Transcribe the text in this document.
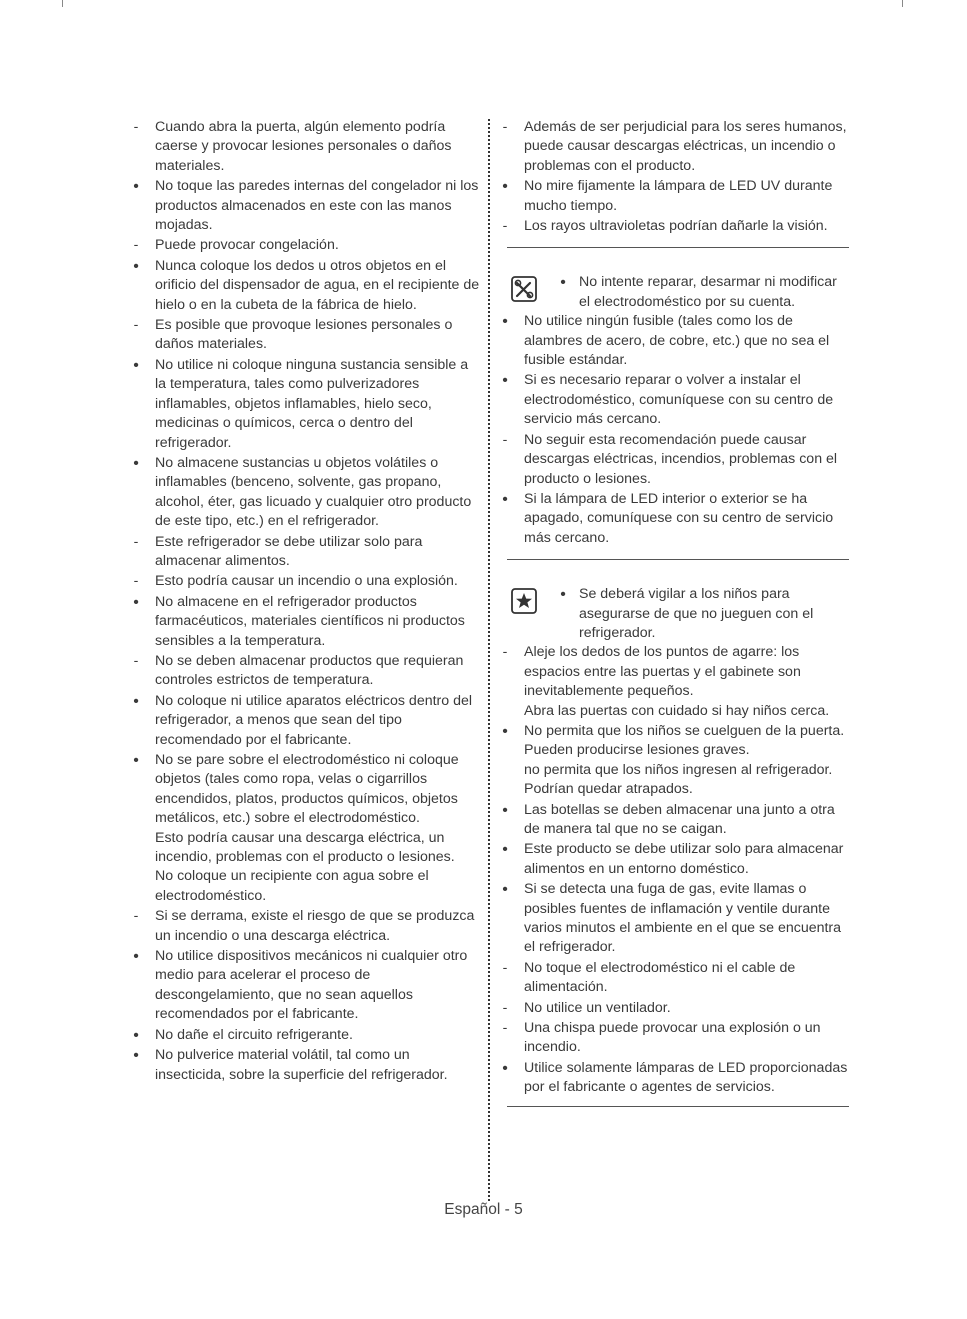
-	Cuando abra la puerta, algún elemento podría caerse y provocar lesiones personales o daños materiales.
•	No toque las paredes internas del congelador ni los productos almacenados en este con las manos mojadas.
-	Puede provocar congelación.
•	Nunca coloque los dedos u otros objetos en el orificio del dispensador de agua, en el recipiente de hielo o en la cubeta de la fábrica de hielo.
-	Es posible que provoque lesiones personales o daños materiales.
•	No utilice ni coloque ninguna sustancia sensible a la temperatura, tales como pulverizadores inflamables, objetos inflamables, hielo seco, medicinas o químicos, cerca o dentro del refrigerador.
•	No almacene sustancias u objetos volátiles o inflamables (benceno, solvente, gas propano, alcohol, éter, gas licuado y cualquier otro producto de este tipo, etc.) en el refrigerador.
-	Este refrigerador se debe utilizar solo para almacenar alimentos.
-	Esto podría causar un incendio o una explosión.
•	No almacene en el refrigerador productos farmacéuticos, materiales científicos ni productos sensibles a la temperatura.
-	No se deben almacenar productos que requieran controles estrictos de temperatura.
•	No coloque ni utilice aparatos eléctricos dentro del refrigerador, a menos que sean del tipo recomendado por el fabricante.
•	No se pare sobre el electrodoméstico ni coloque objetos (tales como ropa, velas o cigarrillos encendidos, platos, productos químicos, objetos metálicos, etc.) sobre el electrodoméstico.
Esto podría causar una descarga eléctrica, un incendio, problemas con el producto o lesiones.
No coloque un recipiente con agua sobre el electrodoméstico.
-	Si se derrama, existe el riesgo de que se produzca un incendio o una descarga eléctrica.
•	No utilice dispositivos mecánicos ni cualquier otro medio para acelerar el proceso de descongelamiento, que no sean aquellos recomendados por el fabricante.
•	No dañe el circuito refrigerante.
•	No pulverice material volátil, tal como un insecticida, sobre la superficie del refrigerador.
-	Además de ser perjudicial para los seres humanos, puede causar descargas eléctricas, un incendio o problemas con el producto.
•	No mire fijamente la lámpara de LED UV durante mucho tiempo.
-	Los rayos ultravioletas podrían dañarle la visión.
• No intente reparar, desarmar ni modificar el electrodoméstico por su cuenta.
•	No utilice ningún fusible (tales como los de alambres de acero, de cobre, etc.) que no sea el fusible estándar.
•	Si es necesario reparar o volver a instalar el electrodoméstico, comuníquese con su centro de servicio más cercano.
-	No seguir esta recomendación puede causar descargas eléctricas, incendios, problemas con el producto o lesiones.
•	Si la lámpara de LED interior o exterior se ha apagado, comuníquese con su centro de servicio más cercano.
• Se deberá vigilar a los niños para asegurarse de que no jueguen con el refrigerador.
-	Aleje los dedos de los puntos de agarre: los espacios entre las puertas y el gabinete son inevitablemente pequeños.
Abra las puertas con cuidado si hay niños cerca.
•	No permita que los niños se cuelguen de la puerta.
Pueden producirse lesiones graves.
no permita que los niños ingresen al refrigerador.
Podrían quedar atrapados.
•	Las botellas se deben almacenar una junto a otra de manera tal que no se caigan.
•	Este producto se debe utilizar solo para almacenar alimentos en un entorno doméstico.
•	Si se detecta una fuga de gas, evite llamas o posibles fuentes de inflamación y ventile durante varios minutos el ambiente en el que se encuentra el refrigerador.
-	No toque el electrodoméstico ni el cable de alimentación.
-	No utilice un ventilador.
-	Una chispa puede provocar una explosión o un incendio.
•	Utilice solamente lámparas de LED proporcionadas por el fabricante o agentes de servicios.
Español - 5
